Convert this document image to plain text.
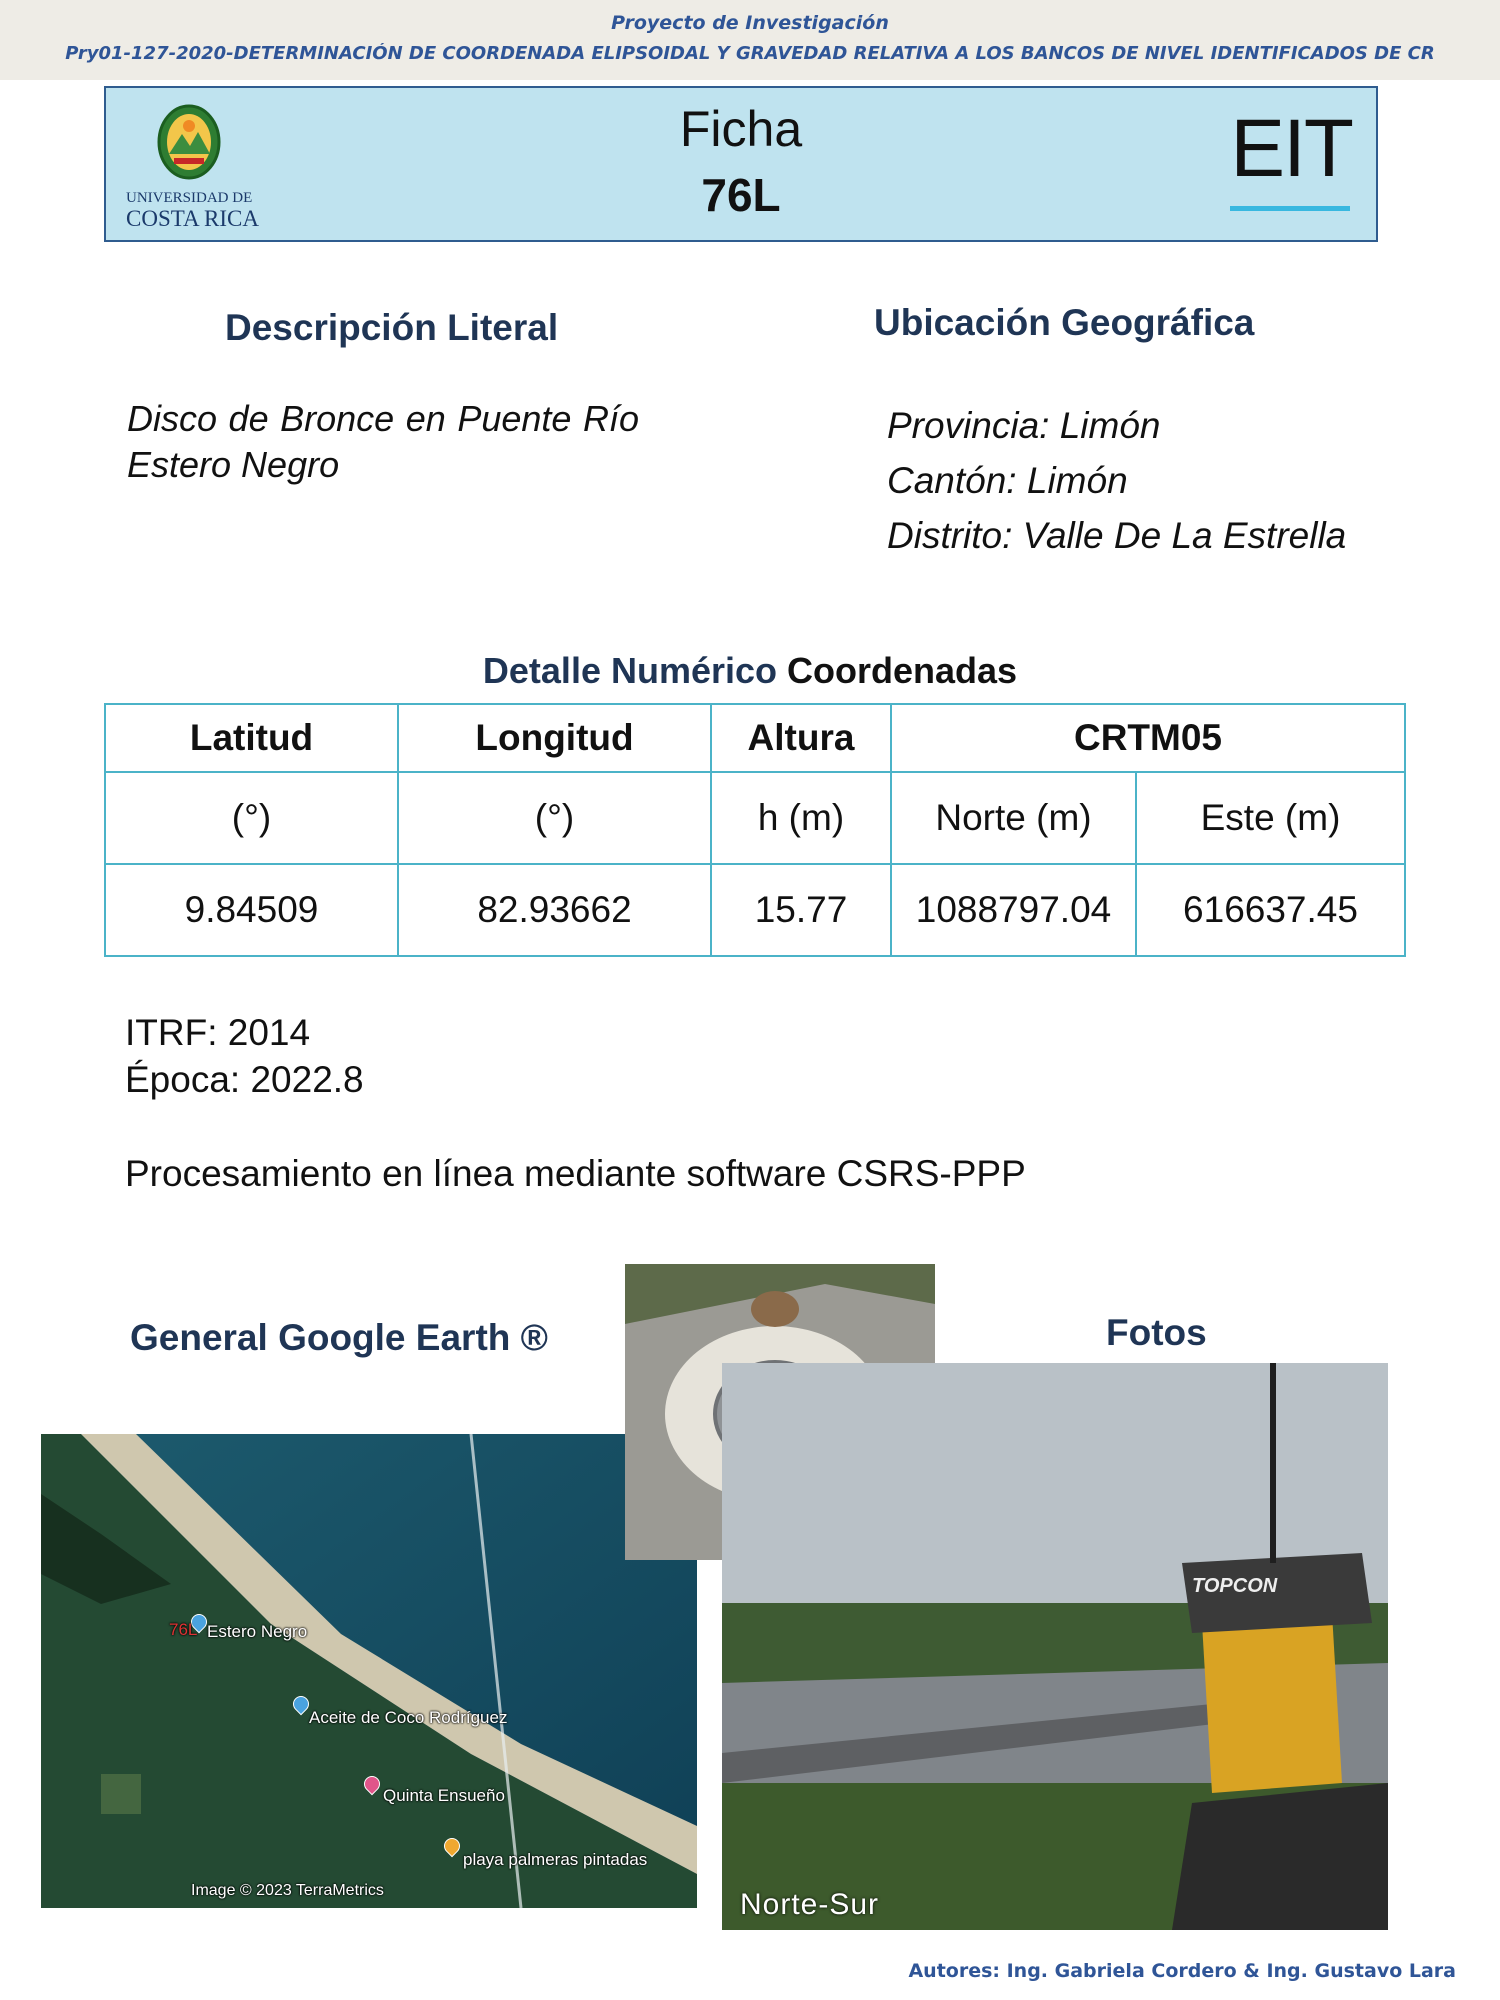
Proyecto de Investigación
Pry01-127-2020-DETERMINACIÓN DE COORDENADA ELIPSOIDAL Y GRAVEDAD RELATIVA A LOS BANCOS DE NIVEL IDENTIFICADOS DE CR
UNIVERSIDAD DE
COSTA RICA
Ficha
76L
EIT
Descripción Literal
Disco de Bronce en Puente Río Estero Negro
Ubicación Geográfica
Provincia: Limón
Cantón: Limón
Distrito: Valle De La Estrella
Detalle Numérico Coordenadas
Latitud	Longitud	Altura	CRTM05	
(°)	(°)	h (m)	Norte (m)	Este (m)
9.84509	82.93662	15.77	1088797.04	616637.45
ITRF: 2014
Época: 2022.8
Procesamiento en línea mediante software CSRS-PPP
General Google Earth ®	Fotos
76L Estero Negro
Aceite de Coco Rodríguez
Quinta Ensueño
playa palmeras pintadas
Image © 2023 TerraMetrics
TOPCON
Norte-Sur
Autores: Ing. Gabriela Cordero & Ing. Gustavo Lara
